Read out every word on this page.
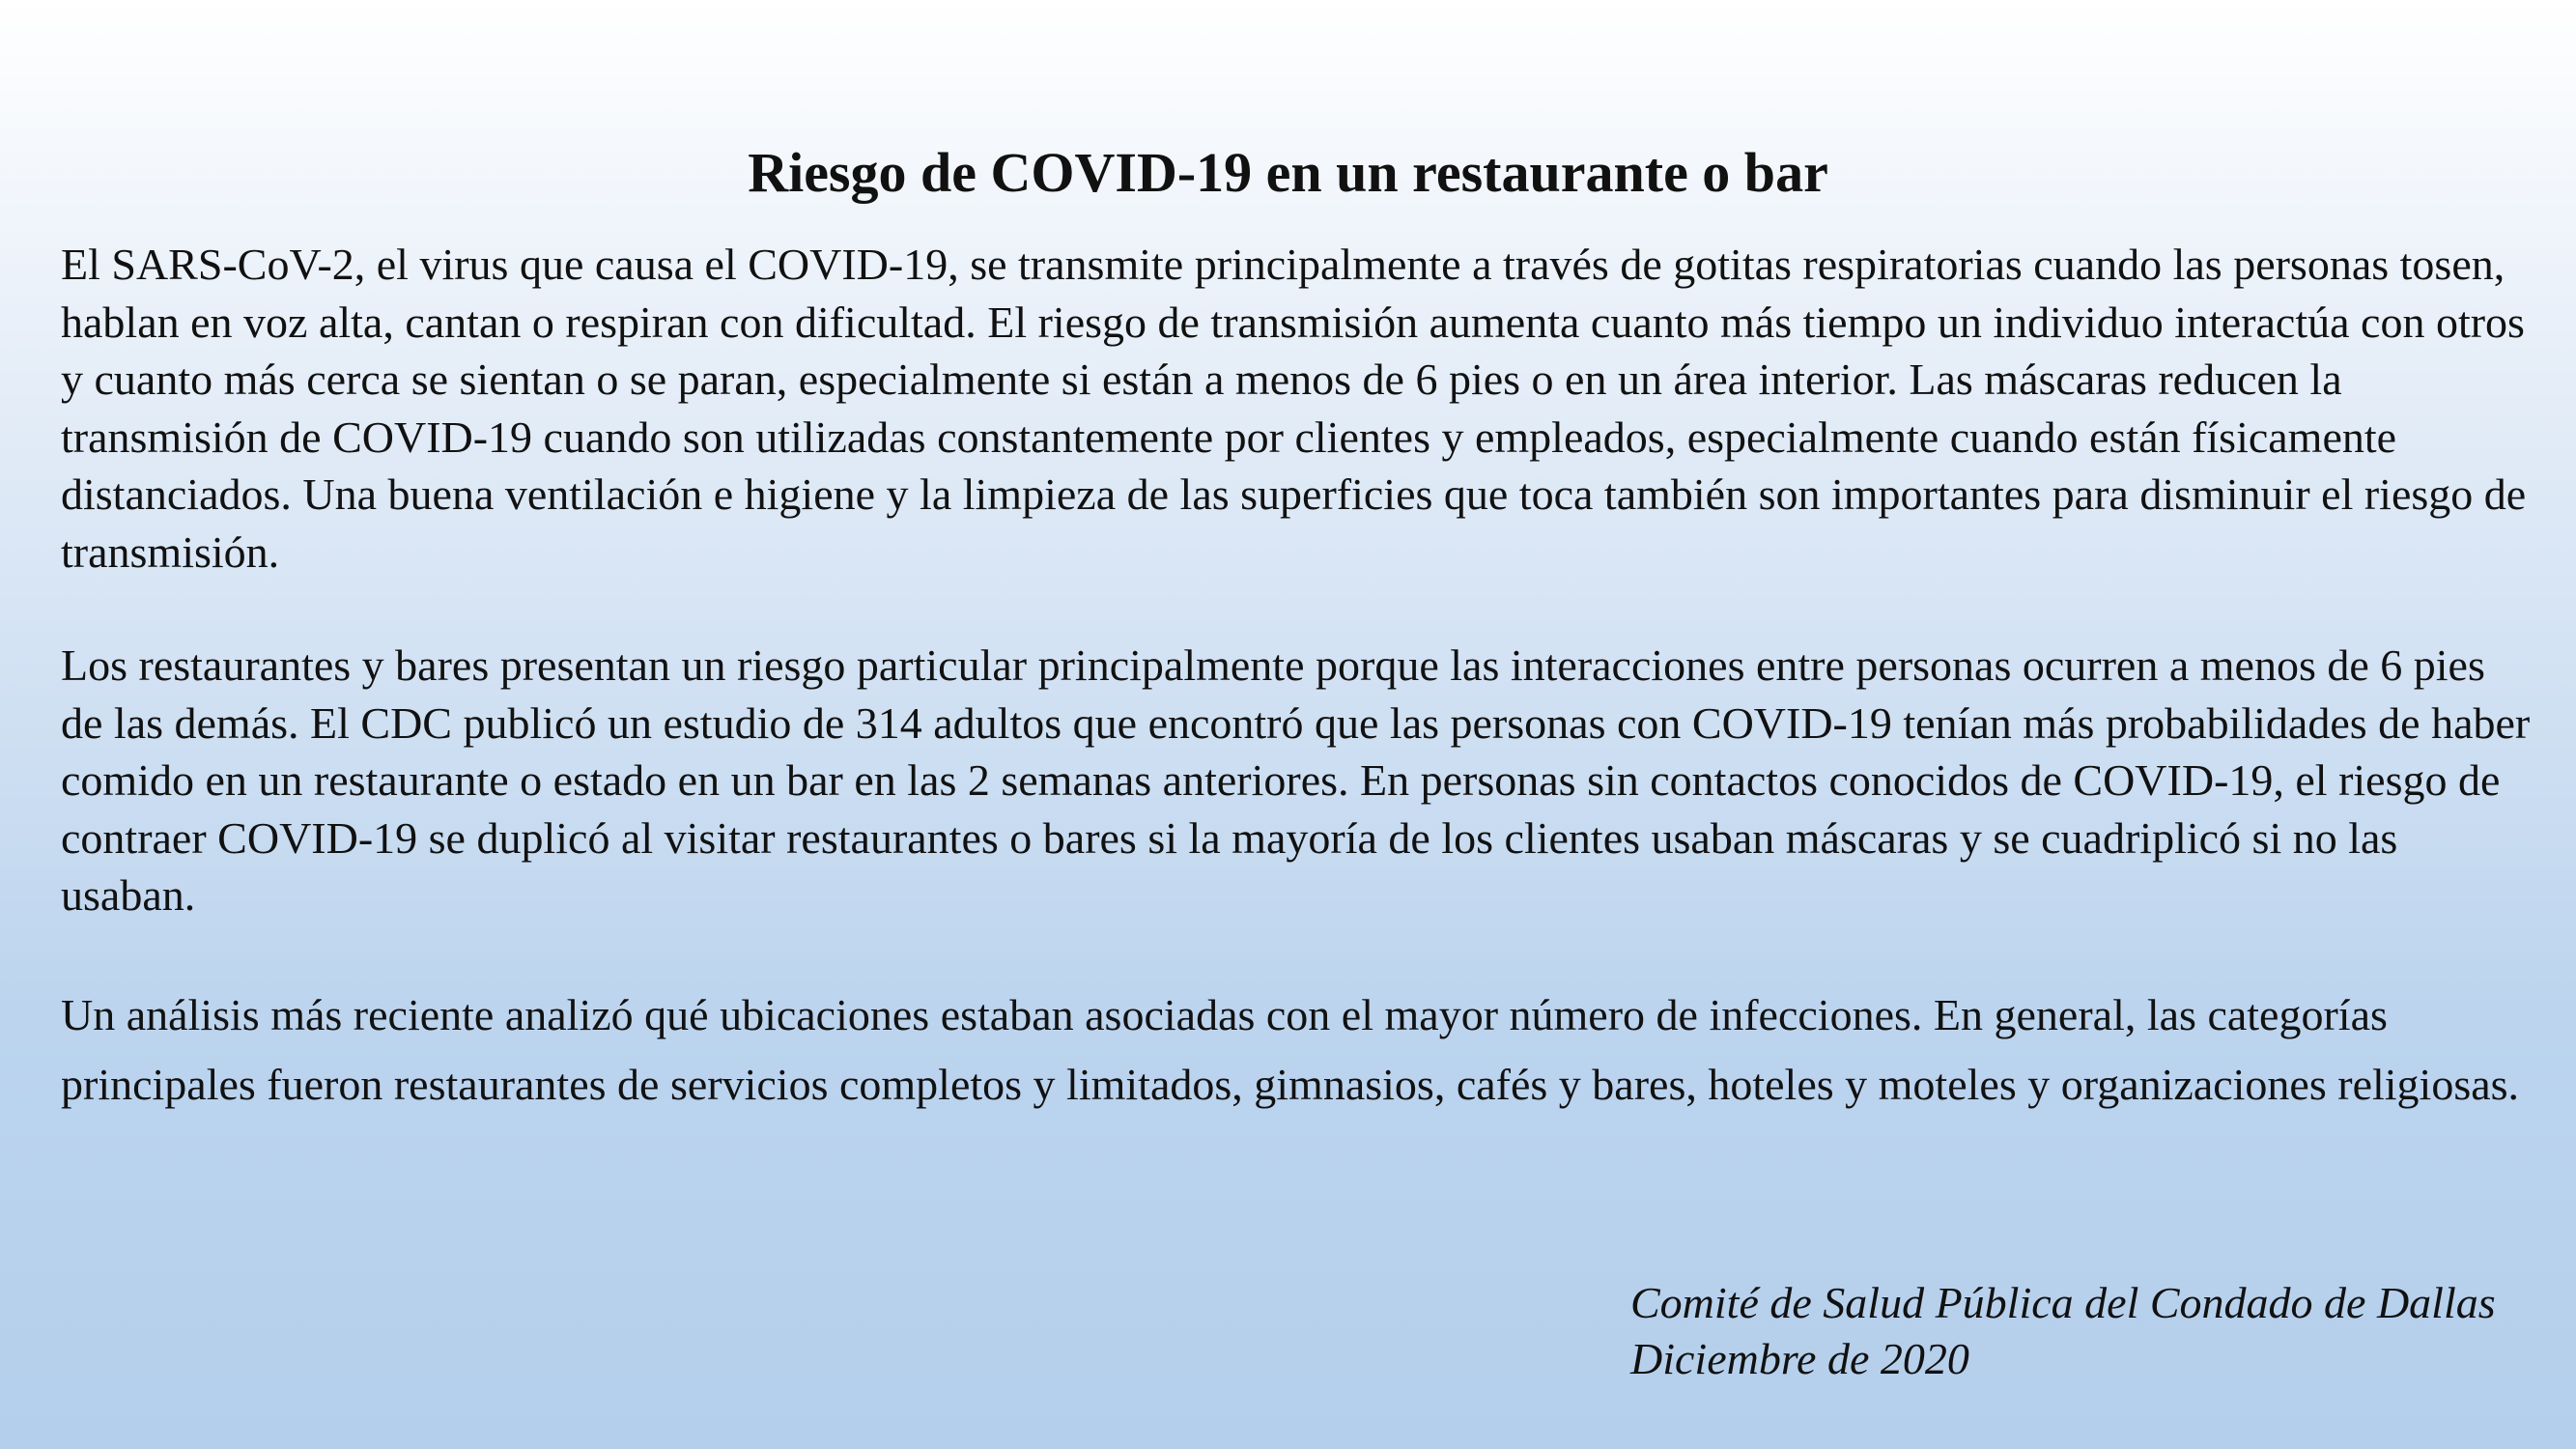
Riesgo de COVID-19 en un restaurante o bar

El SARS-CoV-2, el virus que causa el COVID-19, se transmite principalmente a través de gotitas respiratorias cuando las personas tosen, hablan en voz alta, cantan o respiran con dificultad. El riesgo de transmisión aumenta cuanto más tiempo un individuo interactúa con otros y cuanto más cerca se sientan o se paran, especialmente si están a menos de 6 pies o en un área interior. Las máscaras reducen la transmisión de COVID-19 cuando son utilizadas constantemente por clientes y empleados, especialmente cuando están físicamente distanciados. Una buena ventilación e higiene y la limpieza de las superficies que toca también son importantes para disminuir el riesgo de transmisión.

Los restaurantes y bares presentan un riesgo particular principalmente porque las interacciones entre personas ocurren a menos de 6 pies de las demás. El CDC publicó un estudio de 314 adultos que encontró que las personas con COVID-19 tenían más probabilidades de haber comido en un restaurante o estado en un bar en las 2 semanas anteriores. En personas sin contactos conocidos de COVID-19, el riesgo de contraer COVID-19 se duplicó al visitar restaurantes o bares si la mayoría de los clientes usaban máscaras y se cuadriplicó si no las usaban.

Un análisis más reciente analizó qué ubicaciones estaban asociadas con el mayor número de infecciones. En general, las categorías principales fueron restaurantes de servicios completos y limitados, gimnasios, cafés y bares, hoteles y moteles y organizaciones religiosas.

Comité de Salud Pública del Condado de Dallas
Diciembre de 2020
